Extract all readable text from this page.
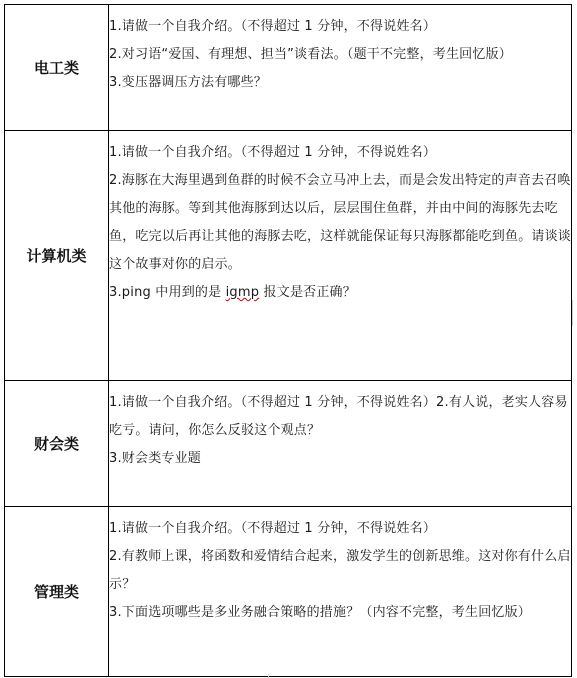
电工类	1.请做一个自我介绍。（不得超过 1 分钟，不得说姓名）
2.对习语“爱国、有理想、担当”谈看法。（题干不完整，考生回忆版）
3.变压器调压方法有哪些？

计算机类	1.请做一个自我介绍。（不得超过 1 分钟，不得说姓名）
2.海豚在大海里遇到鱼群的时候不会立马冲上去，而是会发出特定的声音去召唤其他的海豚。等到其他海豚到达以后，层层围住鱼群，并由中间的海豚先去吃鱼，吃完以后再让其他的海豚去吃，这样就能保证每只海豚都能吃到鱼。请谈谈这个故事对你的启示。
3.ping 中用到的是 igmp 报文是否正确？

财会类	1.请做一个自我介绍。（不得超过 1 分钟，不得说姓名）2.有人说，老实人容易吃亏。请问，你怎么反驳这个观点？
3.财会类专业题

管理类	1.请做一个自我介绍。（不得超过 1 分钟，不得说姓名）
2.有教师上课，将函数和爱情结合起来，激发学生的创新思维。这对你有什么启示？
3.下面选项哪些是多业务融合策略的措施？（内容不完整，考生回忆版）
